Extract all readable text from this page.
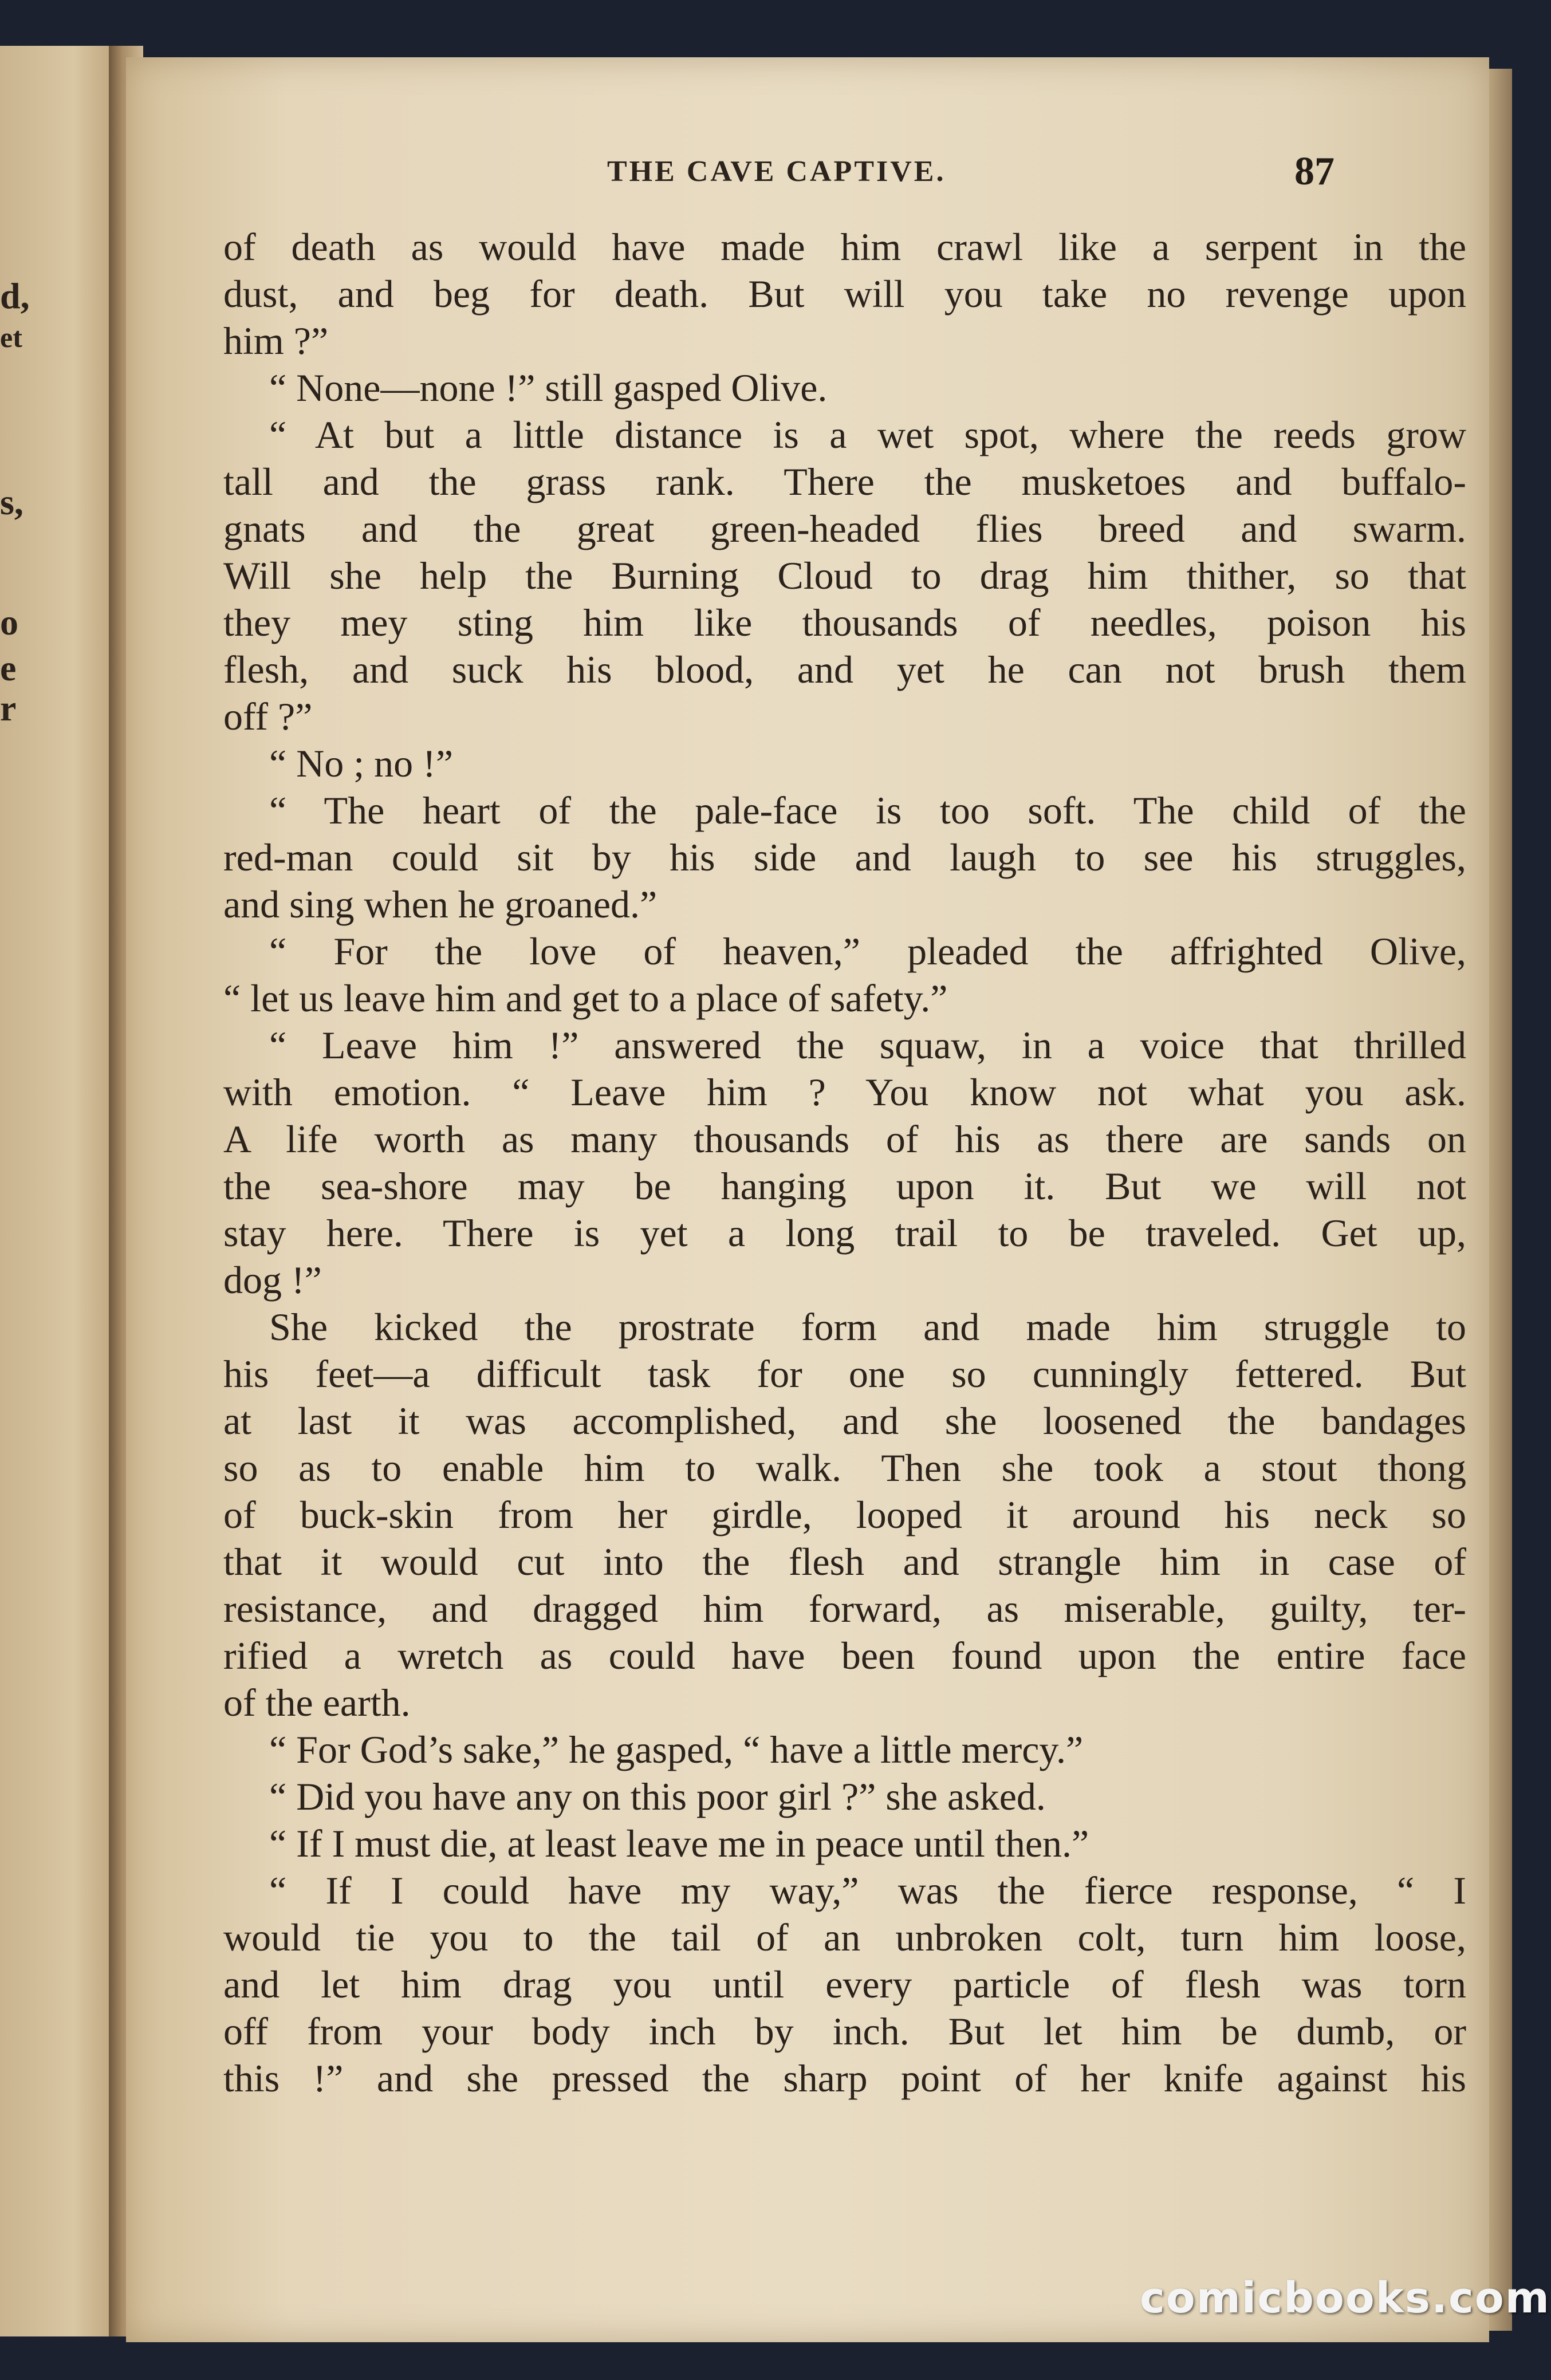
d,
et
s,
o
e
r
THE CAVE CAPTIVE.	87
of death as would have made him crawl like a serpent in the
dust, and beg for death. But will you take no revenge upon
him ?”
“ None—none !” still gasped Olive.
“ At but a little distance is a wet spot, where the reeds grow
tall and the grass rank. There the musketoes and buffalo-
gnats and the great green-headed flies breed and swarm.
Will she help the Burning Cloud to drag him thither, so that
they mey sting him like thousands of needles, poison his
flesh, and suck his blood, and yet he can not brush them
off ?”
“ No ; no !”
“ The heart of the pale-face is too soft. The child of the
red-man could sit by his side and laugh to see his struggles,
and sing when he groaned.”
“ For the love of heaven,” pleaded the affrighted Olive,
“ let us leave him and get to a place of safety.”
“ Leave him !” answered the squaw, in a voice that thrilled
with emotion. “ Leave him ? You know not what you ask.
A life worth as many thousands of his as there are sands on
the sea-shore may be hanging upon it. But we will not
stay here. There is yet a long trail to be traveled. Get up,
dog !”
She kicked the prostrate form and made him struggle to
his feet—a difficult task for one so cunningly fettered. But
at last it was accomplished, and she loosened the bandages
so as to enable him to walk. Then she took a stout thong
of buck-skin from her girdle, looped it around his neck so
that it would cut into the flesh and strangle him in case of
resistance, and dragged him forward, as miserable, guilty, ter-
rified a wretch as could have been found upon the entire face
of the earth.
“ For God’s sake,” he gasped, “ have a little mercy.”
“ Did you have any on this poor girl ?” she asked.
“ If I must die, at least leave me in peace until then.”
“ If I could have my way,” was the fierce response, “ I
would tie you to the tail of an unbroken colt, turn him loose,
and let him drag you until every particle of flesh was torn
off from your body inch by inch. But let him be dumb, or
this !” and she pressed the sharp point of her knife against his
comicbooks.com
